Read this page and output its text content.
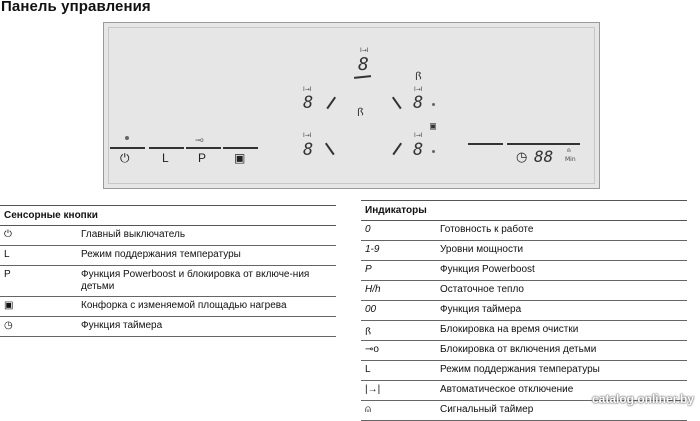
Панель управления
⏻	L
⊸o
P ▣
I→I
8
I→I
8	ꟗ
ꟗ
I→I
8
▣
I→I
8
I→I
8	◷ 88 ⍝
Min
Сенсорные кнопки
⏻	Главный выключатель
L	Режим поддержания температуры
P	Функция Powerboost и блокировка от включе-ния детьми
▣	Конфорка с изменяемой площадью нагрева
◷	Функция таймера
Индикаторы
0	Готовность к работе
1-9	Уровни мощности
P	Функция Powerboost
H/h	Остаточное тепло
00	Функция таймера
ꟗ	Блокировка на время очистки
⊸o	Блокировка от включения детьми
L	Режим поддержания температуры
|→|	Автоматическое отключение
⍝	Сигнальный таймер
catalog.onliner.by
